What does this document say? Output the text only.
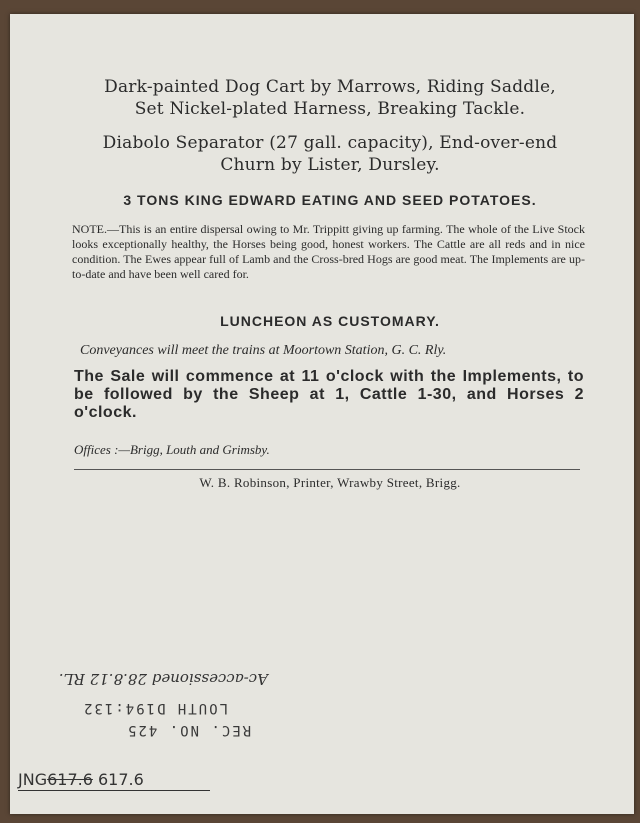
Dark-painted Dog Cart by Marrows, Riding Saddle,
Set Nickel-plated Harness, Breaking Tackle.
Diabolo Separator (27 gall. capacity), End-over-end
Churn by Lister, Dursley.
3 TONS KING EDWARD EATING AND SEED POTATOES.
NOTE.—This is an entire dispersal owing to Mr. Trippitt giving up farming. The whole of the Live Stock looks exceptionally healthy, the Horses being good, honest workers. The Cattle are all reds and in nice condition. The Ewes appear full of Lamb and the Cross-bred Hogs are good meat. The Implements are up-to-date and have been well cared for.
LUNCHEON AS CUSTOMARY.
Conveyances will meet the trains at Moortown Station, G. C. Rly.
The Sale will commence at 11 o'clock with the Implements, to be followed by the Sheep at 1, Cattle 1-30, and Horses 2 o'clock.
Offices :—Brigg, Louth and Grimsby.
W. B. Robinson, Printer, Wrawby Street, Brigg.
Ac-accessioned 28.8.12 RL.
LOUTH D194:132
REC. NO. 425
JNG617.6 617.6
